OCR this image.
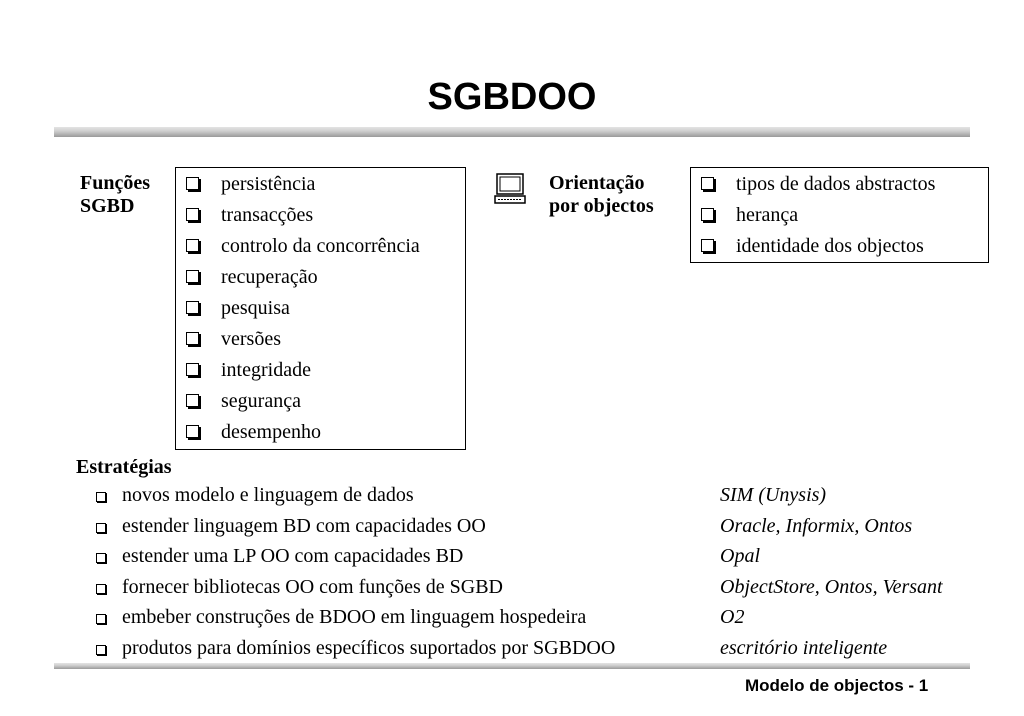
SGBDOO
Funções
SGBD
persistência
transacções
controlo da concorrência
recuperação
pesquisa
versões
integridade
segurança
desempenho
Orientação
por objectos
tipos de dados abstractos
herança
identidade dos objectos
Estratégias
novos modelo e linguagem de dados	SIM (Unysis)
estender linguagem BD com capacidades OO	Oracle, Informix, Ontos
estender uma LP OO com capacidades BD	Opal
fornecer bibliotecas OO com funções de SGBD	ObjectStore, Ontos, Versant
embeber construções de BDOO em linguagem hospedeira	O2
produtos para domínios específicos suportados por SGBDOO	escritório inteligente
Modelo de objectos - 1
